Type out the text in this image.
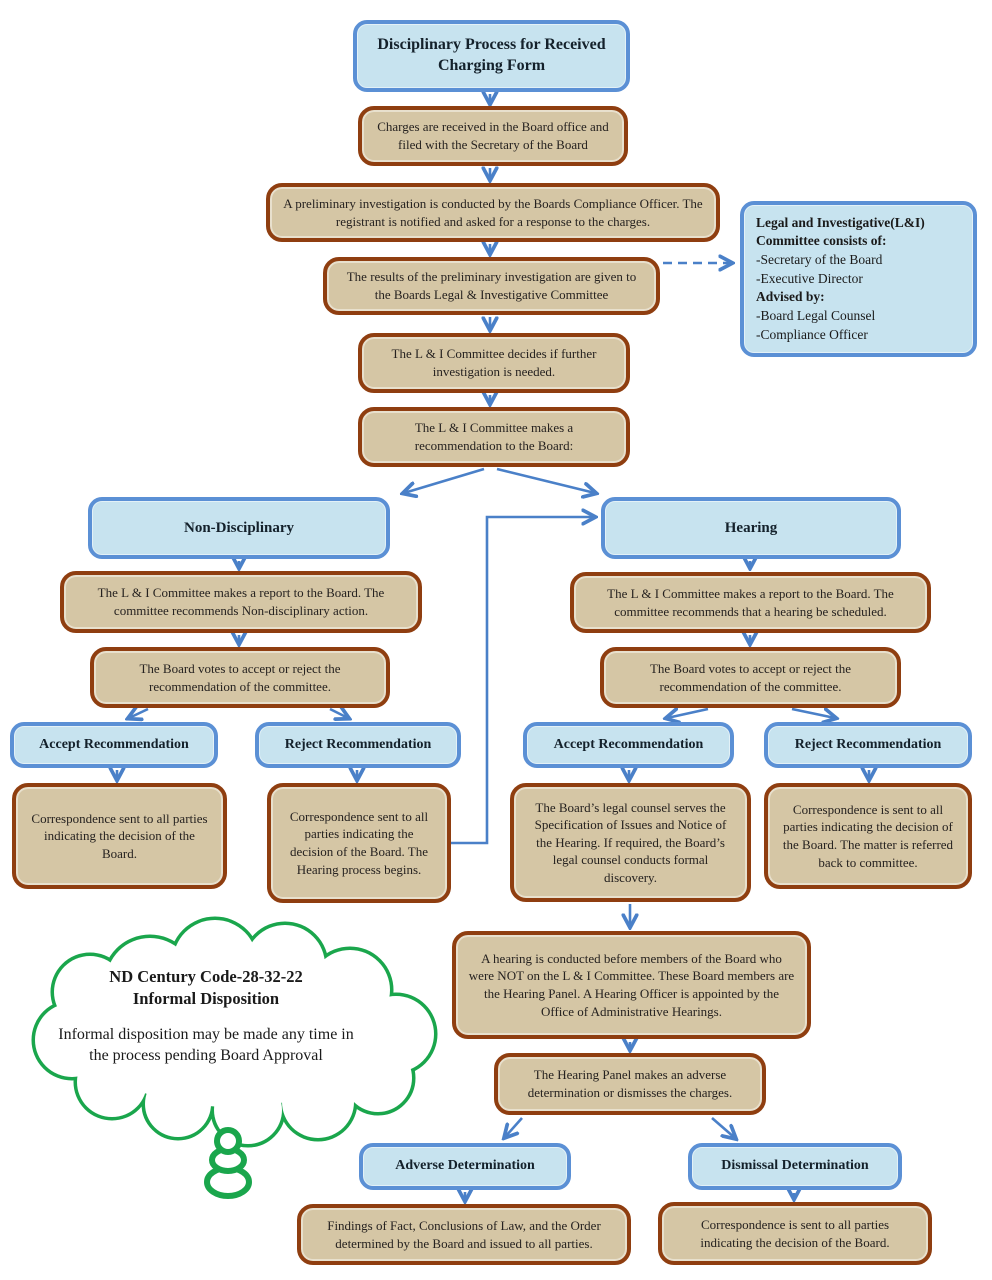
Disciplinary Process for Received Charging Form
Charges are received in the Board office and filed with the Secretary of the Board
A preliminary investigation is conducted by the Boards Compliance Officer. The registrant is notified and asked for a response to the charges.
The results of the preliminary investigation are given to the Boards Legal & Investigative Committee
Legal and Investigative(L&I) Committee consists of:
-Secretary of the Board
-Executive Director
Advised by:
-Board Legal Counsel
-Compliance Officer
The L & I Committee decides if further investigation is needed.
The L & I Committee makes a recommendation to the Board:
Non-Disciplinary	Hearing
The L & I Committee makes a report to the Board. The committee recommends Non-disciplinary action.
The L & I Committee makes a report to the Board. The committee recommends that a hearing be scheduled.
The Board votes to accept or reject the recommendation of the committee.
The Board votes to accept or reject the recommendation of the committee.
Accept Recommendation	Reject Recommendation	Accept Recommendation	Reject Recommendation
Correspondence sent to all parties indicating the decision of the Board.
Correspondence sent to all parties indicating the decision of the Board. The Hearing process begins.
The Board’s legal counsel serves the Specification of Issues and Notice of the Hearing. If required, the Board’s legal counsel conducts formal discovery.
Correspondence is sent to all parties indicating the decision of the Board. The matter is referred back to committee.
A hearing is conducted before members of the Board who were NOT on the L & I Committee. These Board members are the Hearing Panel. A Hearing Officer is appointed by the Office of Administrative Hearings.
The Hearing Panel makes an adverse determination or dismisses the charges.
Adverse Determination	Dismissal Determination
Findings of Fact, Conclusions of Law, and the Order determined by the Board and issued to all parties.
Correspondence is sent to all parties indicating the decision of the Board.
ND Century Code-28-32-22
Informal Disposition
Informal disposition may be made any time in the process pending Board Approval
